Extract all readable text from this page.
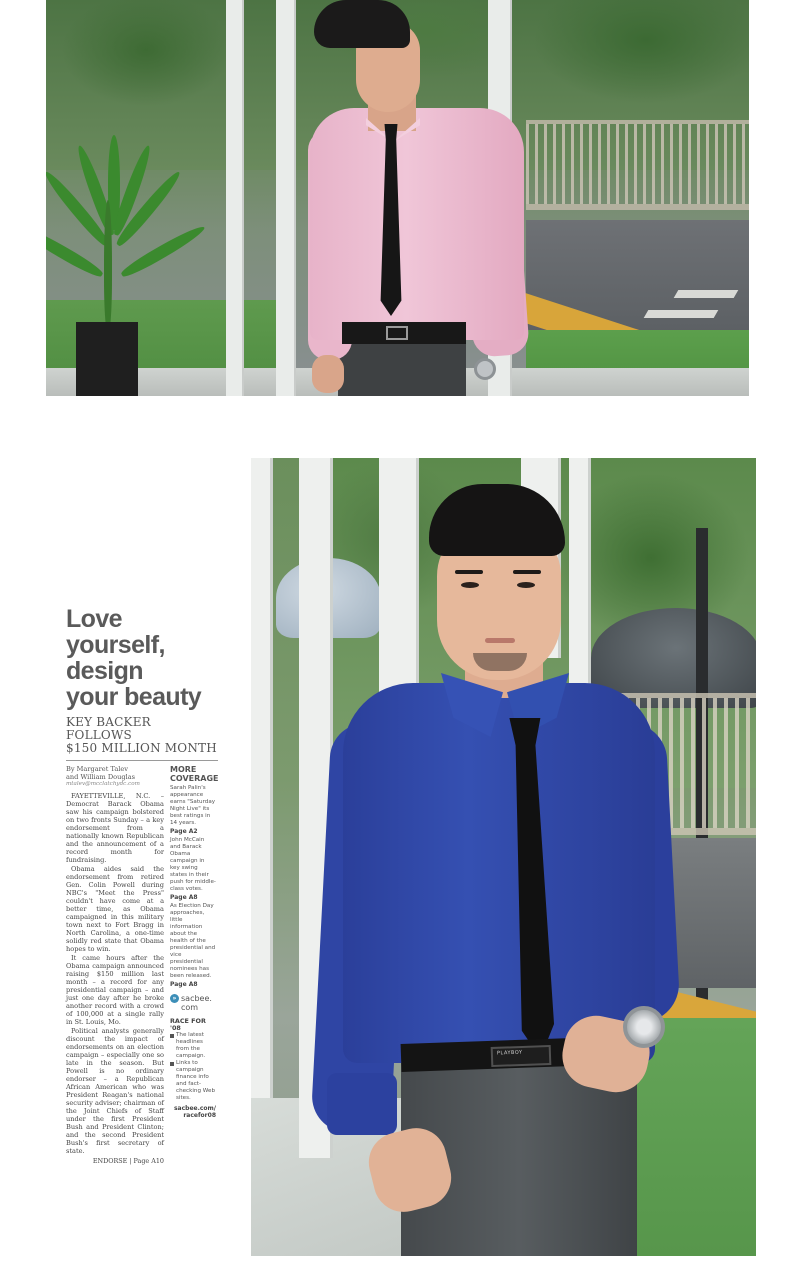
Love
yourself,
design
your beauty
KEY BACKER FOLLOWS
$150 MILLION MONTH
By Margaret Talev
and William Douglas
mtalev@mcclatchydc.com

FAYETTEVILLE, N.C. – Democrat Barack Obama saw his campaign bolstered on two fronts Sunday – a key endorsement from a nationally known Republican and the announcement of a record month for fundraising.

Obama aides said the endorsement from retired Gen. Colin Powell during NBC's "Meet the Press" couldn't have come at a better time, as Obama campaigned in this military town next to Fort Bragg in North Carolina, a one-time solidly red state that Obama hopes to win.

It came hours after the Obama campaign announced raising $150 million last month – a record for any presidential campaign – and just one day after he broke another record with a crowd of 100,000 at a single rally in St. Louis, Mo.

Political analysts generally discount the impact of endorsements on an election campaign – especially one so late in the season. But Powell is no ordinary endorser – a Republican African American who was President Reagan's national security adviser; chairman of the Joint Chiefs of Staff under the first President Bush and President Clinton; and the second President Bush's first secretary of state.

ENDORSE | Page A10
MORE
COVERAGE
Sarah Palin's appearance earns "Saturday Night Live" its best ratings in 14 years.
Page A2
John McCain and Barack Obama campaign in key swing states in their push for middle-class votes.
Page A8
As Election Day approaches, little information about the health of the presidential and vice presidential nominees has been released.
Page A8
» sacbee.
com
RACE FOR '08
The latest headlines from the campaign.
Links to campaign finance info and fact-checking Web sites.
sacbee.com/
racefor08
PLAYBOY
